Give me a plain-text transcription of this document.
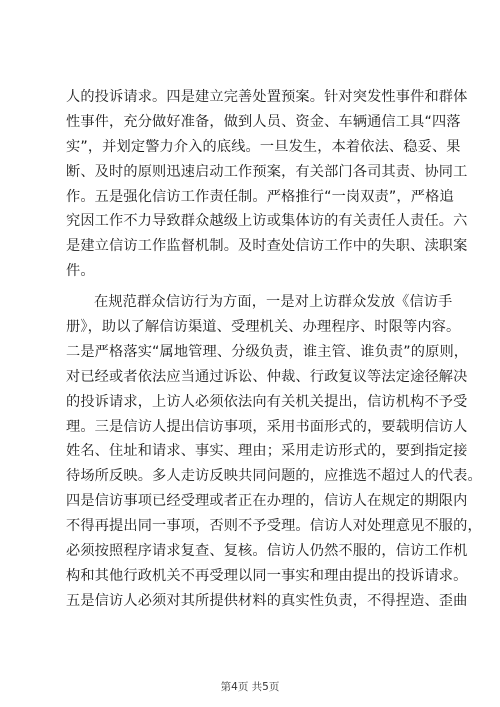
人的投诉请求。四是建立完善处置预案。针对突发性事件和群体
性事件，充分做好准备，做到人员、资金、车辆通信工具“四落
实”，并划定警力介入的底线。一旦发生，本着依法、稳妥、果
断、及时的原则迅速启动工作预案，有关部门各司其责、协同工
作。五是强化信访工作责任制。严格推行“一岗双责”，严格追
究因工作不力导致群众越级上访或集体访的有关责任人责任。六
是建立信访工作监督机制。及时查处信访工作中的失职、渎职案
件。
在规范群众信访行为方面，一是对上访群众发放《信访手
册》，助以了解信访渠道、受理机关、办理程序、时限等内容。
二是严格落实“属地管理、分级负责，谁主管、谁负责”的原则，
对已经或者依法应当通过诉讼、仲裁、行政复议等法定途径解决
的投诉请求，上访人必须依法向有关机关提出，信访机构不予受
理。三是信访人提出信访事项，采用书面形式的，要载明信访人
姓名、住址和请求、事实、理由；采用走访形式的，要到指定接
待场所反映。多人走访反映共同问题的，应推选不超过人的代表。
四是信访事项已经受理或者正在办理的，信访人在规定的期限内
不得再提出同一事项，否则不予受理。信访人对处理意见不服的，
必须按照程序请求复查、复核。信访人仍然不服的，信访工作机
构和其他行政机关不再受理以同一事实和理由提出的投诉请求。
五是信访人必须对其所提供材料的真实性负责，不得捏造、歪曲
第4页 共5页
